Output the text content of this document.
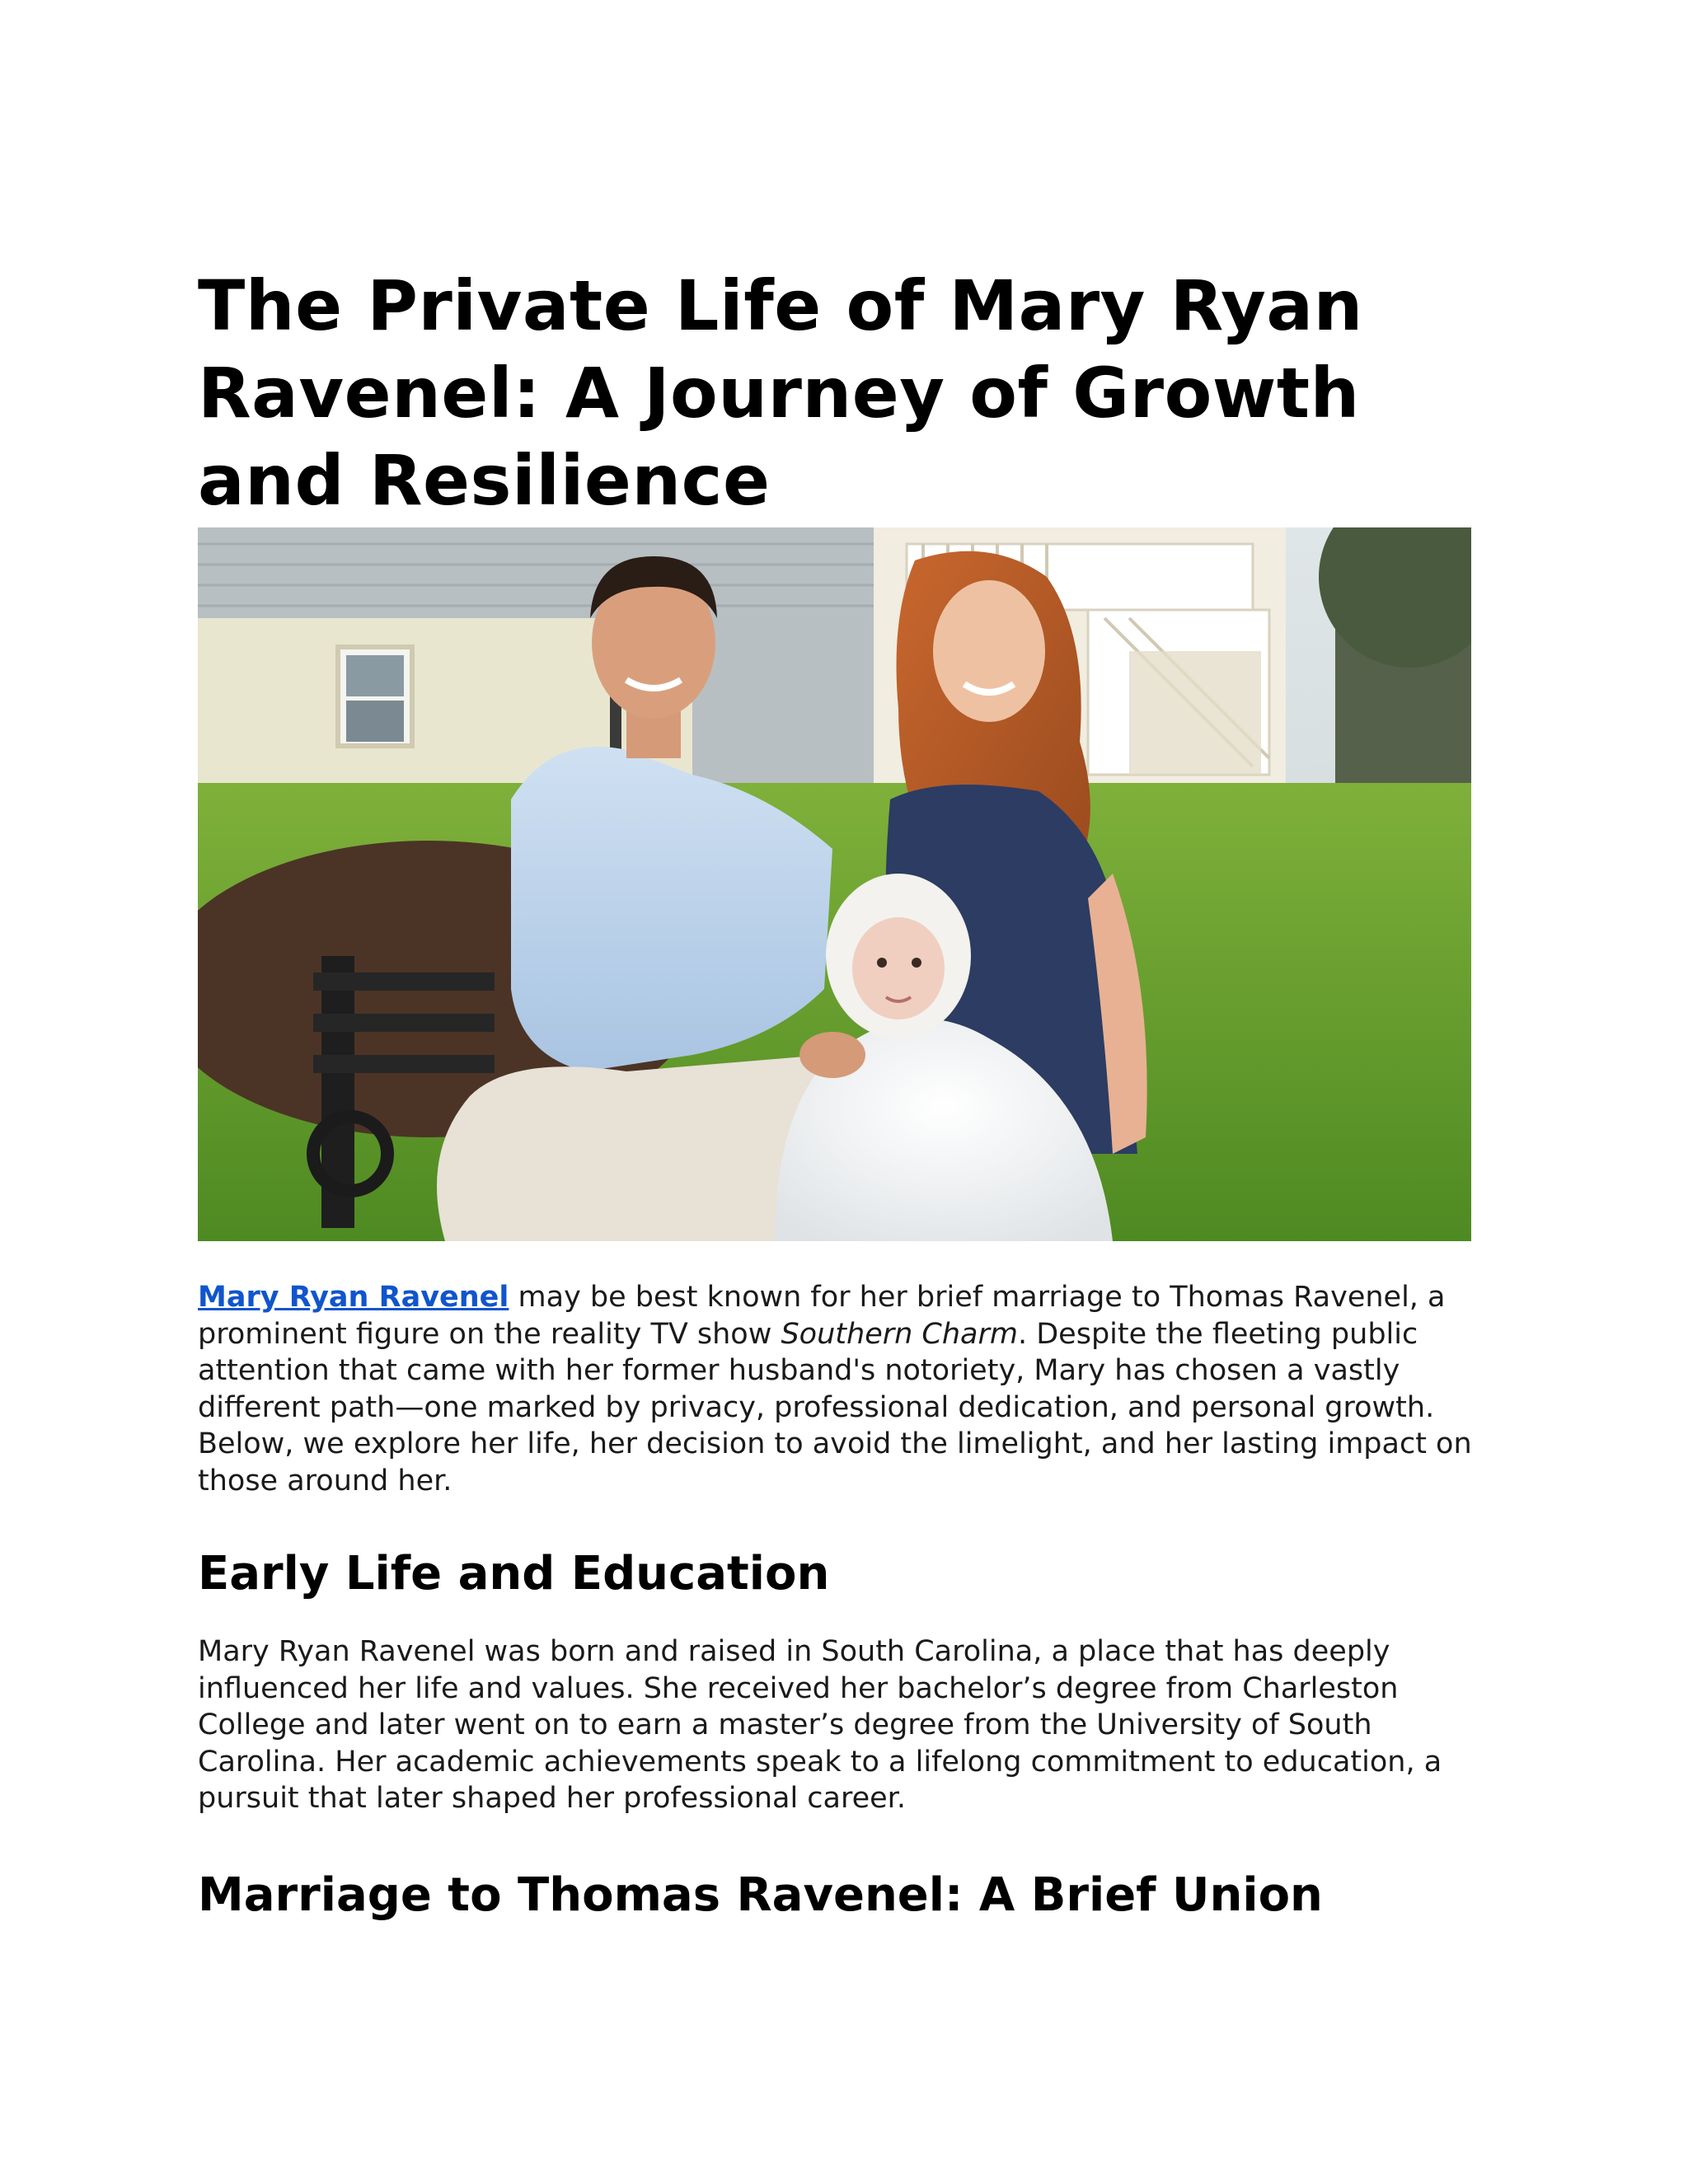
The Private Life of Mary Ryan Ravenel: A Journey of Growth and Resilience

Mary Ryan Ravenel may be best known for her brief marriage to Thomas Ravenel, a prominent figure on the reality TV show Southern Charm. Despite the fleeting public attention that came with her former husband's notoriety, Mary has chosen a vastly different path—one marked by privacy, professional dedication, and personal growth. Below, we explore her life, her decision to avoid the limelight, and her lasting impact on those around her.

Early Life and Education

Mary Ryan Ravenel was born and raised in South Carolina, a place that has deeply influenced her life and values. She received her bachelor’s degree from Charleston College and later went on to earn a master’s degree from the University of South Carolina. Her academic achievements speak to a lifelong commitment to education, a pursuit that later shaped her professional career.

Marriage to Thomas Ravenel: A Brief Union
